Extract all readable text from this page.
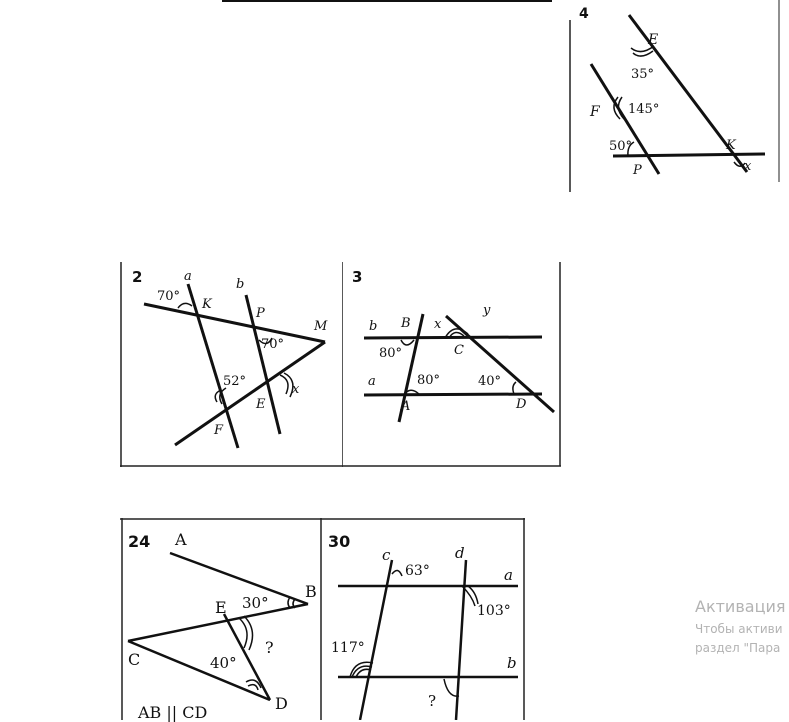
4
E
35°
145°
F
50°
P
K
x
2	a
b
70°
K
P
M
70°
52°
x
E
F
3
b B x
y
80°	C
a	80°	40°
A	D
24 A
B
E 30°
?
C	40°
D
AB || CD
30
c
63°
d
a
103°
117°
b
?
Активация
Чтобы активи
раздел "Пара
